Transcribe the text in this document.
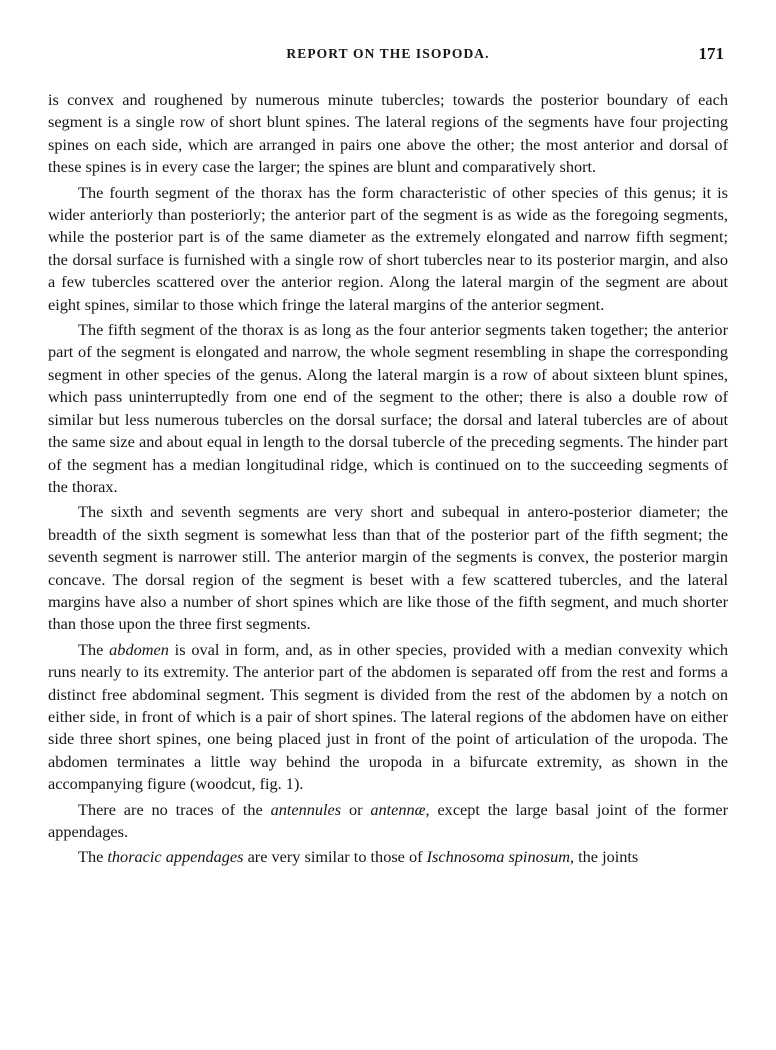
REPORT ON THE ISOPODA.	171

is convex and roughened by numerous minute tubercles; towards the posterior boundary of each segment is a single row of short blunt spines. The lateral regions of the segments have four projecting spines on each side, which are arranged in pairs one above the other; the most anterior and dorsal of these spines is in every case the larger; the spines are blunt and comparatively short.

The fourth segment of the thorax has the form characteristic of other species of this genus; it is wider anteriorly than posteriorly; the anterior part of the segment is as wide as the foregoing segments, while the posterior part is of the same diameter as the extremely elongated and narrow fifth segment; the dorsal surface is furnished with a single row of short tubercles near to its posterior margin, and also a few tubercles scattered over the anterior region. Along the lateral margin of the segment are about eight spines, similar to those which fringe the lateral margins of the anterior segment.

The fifth segment of the thorax is as long as the four anterior segments taken together; the anterior part of the segment is elongated and narrow, the whole segment resembling in shape the corresponding segment in other species of the genus. Along the lateral margin is a row of about sixteen blunt spines, which pass uninterruptedly from one end of the segment to the other; there is also a double row of similar but less numerous tubercles on the dorsal surface; the dorsal and lateral tubercles are of about the same size and about equal in length to the dorsal tubercle of the preceding segments. The hinder part of the segment has a median longitudinal ridge, which is continued on to the succeeding segments of the thorax.

The sixth and seventh segments are very short and subequal in antero-posterior diameter; the breadth of the sixth segment is somewhat less than that of the posterior part of the fifth segment; the seventh segment is narrower still. The anterior margin of the segments is convex, the posterior margin concave. The dorsal region of the segment is beset with a few scattered tubercles, and the lateral margins have also a number of short spines which are like those of the fifth segment, and much shorter than those upon the three first segments.

The abdomen is oval in form, and, as in other species, provided with a median convexity which runs nearly to its extremity. The anterior part of the abdomen is separated off from the rest and forms a distinct free abdominal segment. This segment is divided from the rest of the abdomen by a notch on either side, in front of which is a pair of short spines. The lateral regions of the abdomen have on either side three short spines, one being placed just in front of the point of articulation of the uropoda. The abdomen terminates a little way behind the uropoda in a bifurcate extremity, as shown in the accompanying figure (woodcut, fig. 1).

There are no traces of the antennules or antennæ, except the large basal joint of the former appendages.

The thoracic appendages are very similar to those of Ischnosoma spinosum, the joints
